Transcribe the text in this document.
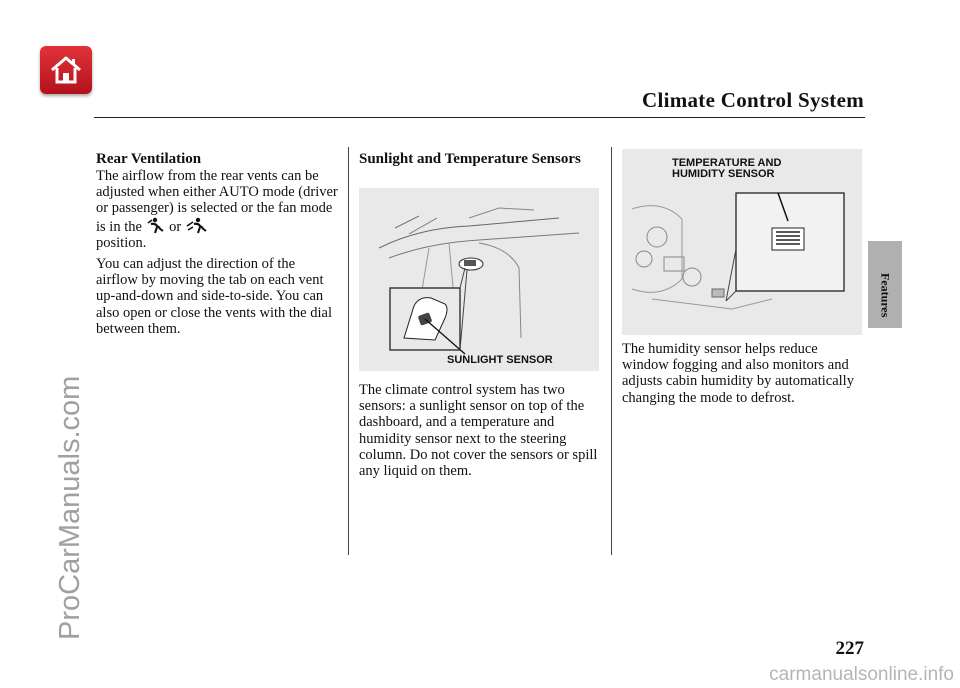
Climate Control System
Features
Rear Ventilation

The airflow from the rear vents can be adjusted when either AUTO mode (driver or passenger) is selected or the fan mode is in the or
position.

You can adjust the direction of the airflow by moving the tab on each vent up-and-down and side-to-side. You can also open or close the vents with the dial between them.

Sunlight and Temperature Sensors
SUNLIGHT SENSOR
The climate control system has two sensors: a sunlight sensor on top of the dashboard, and a temperature and humidity sensor next to the steering column. Do not cover the sensors or spill any liquid on them.
TEMPERATURE AND
HUMIDITY SENSOR
The humidity sensor helps reduce window fogging and also monitors and adjusts cabin humidity by automatically changing the mode to defrost.
227
ProCarManuals.com
carmanualsonline.info
